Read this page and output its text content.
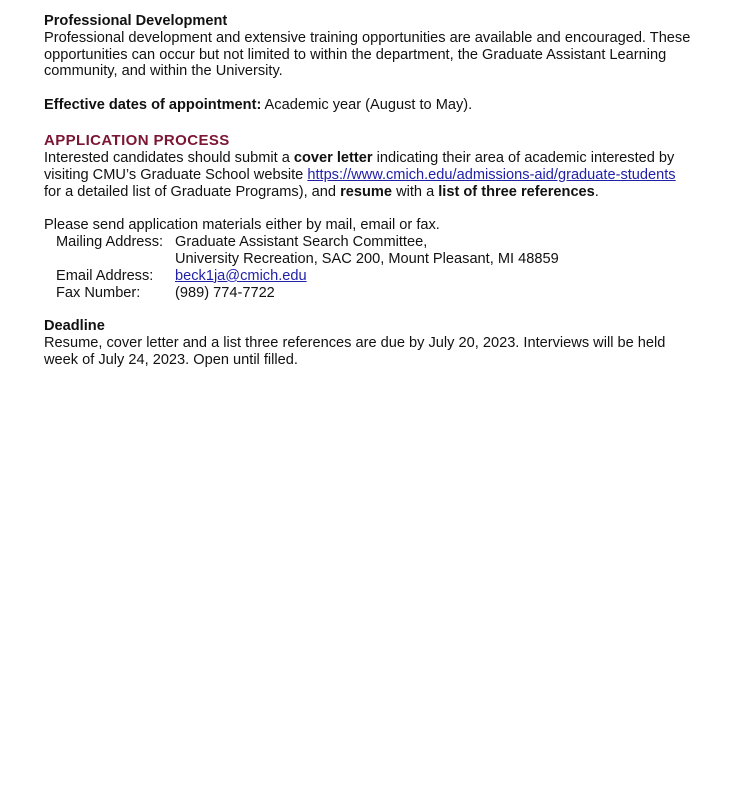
Professional Development

Professional development and extensive training opportunities are available and encouraged. These

opportunities can occur but not limited to within the department, the Graduate Assistant Learning

community, and within the University.

Effective dates of appointment: Academic year (August to May).

APPLICATION PROCESS

Interested candidates should submit a cover letter indicating their area of academic interested by

visiting CMU’s Graduate School website https://www.cmich.edu/admissions-aid/graduate-students

for a detailed list of Graduate Programs), and resume with a list of three references.

Please send application materials either by mail, email or fax.

Mailing Address: Graduate Assistant Search Committee,
University Recreation, SAC 200, Mount Pleasant, MI 48859
Email Address:	beck1ja@cmich.edu
Fax Number:	(989) 774-7722

Deadline

Resume, cover letter and a list three references are due by July 20, 2023. Interviews will be held

week of July 24, 2023. Open until filled.
